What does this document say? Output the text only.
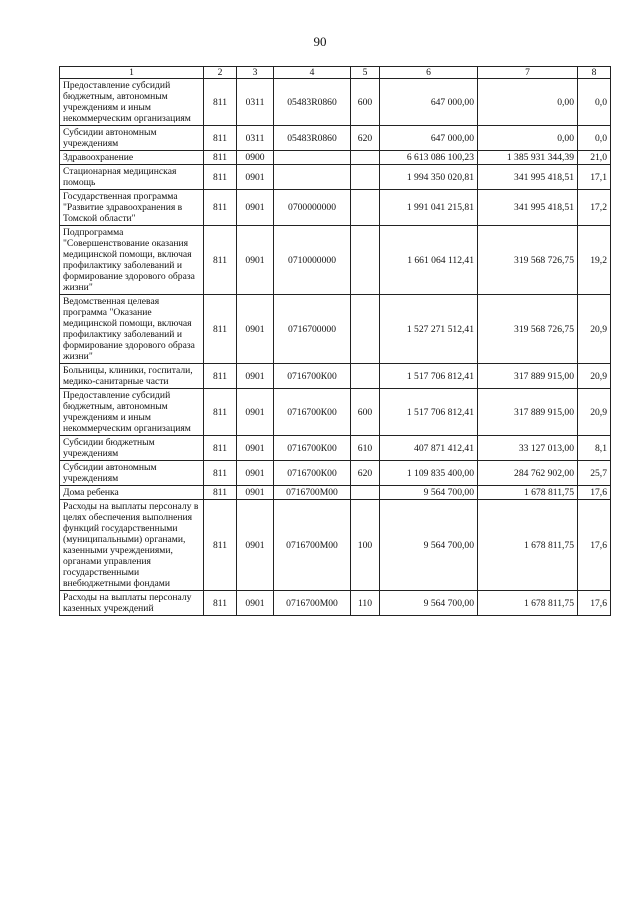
90
1	2	3	4	5	6	7	8
Предоставление субсидий бюджетным, автономным учреждениям и иным некоммерческим организациям	811	0311	05483R0860	600	647 000,00	0,00	0,0
Субсидии автономным учреждениям	811	0311	05483R0860	620	647 000,00	0,00	0,0
Здравоохранение	811	0900			6 613 086 100,23	1 385 931 344,39	21,0
Стационарная медицинская помощь	811	0901			1 994 350 020,81	341 995 418,51	17,1
Государственная программа "Развитие здравоохранения в Томской области"	811	0901	0700000000		1 991 041 215,81	341 995 418,51	17,2
Подпрограмма "Совершенствование оказания медицинской помощи, включая профилактику заболеваний и формирование здорового образа жизни"	811	0901	0710000000		1 661 064 112,41	319 568 726,75	19,2
Ведомственная целевая программа "Оказание медицинской помощи, включая профилактику заболеваний и формирование здорового образа жизни"	811	0901	0716700000		1 527 271 512,41	319 568 726,75	20,9
Больницы, клиники, госпитали, медико-санитарные части	811	0901	0716700К00		1 517 706 812,41	317 889 915,00	20,9
Предоставление субсидий бюджетным, автономным учреждениям и иным некоммерческим организациям	811	0901	0716700К00	600	1 517 706 812,41	317 889 915,00	20,9
Субсидии бюджетным учреждениям	811	0901	0716700К00	610	407 871 412,41	33 127 013,00	8,1
Субсидии автономным учреждениям	811	0901	0716700К00	620	1 109 835 400,00	284 762 902,00	25,7
Дома ребенка	811	0901	0716700М00		9 564 700,00	1 678 811,75	17,6
Расходы на выплаты персоналу в целях обеспечения выполнения функций государственными (муниципальными) органами, казенными учреждениями, органами управления государственными внебюджетными фондами	811	0901	0716700М00	100	9 564 700,00	1 678 811,75	17,6
Расходы на выплаты персоналу казенных учреждений	811	0901	0716700М00	110	9 564 700,00	1 678 811,75	17,6
